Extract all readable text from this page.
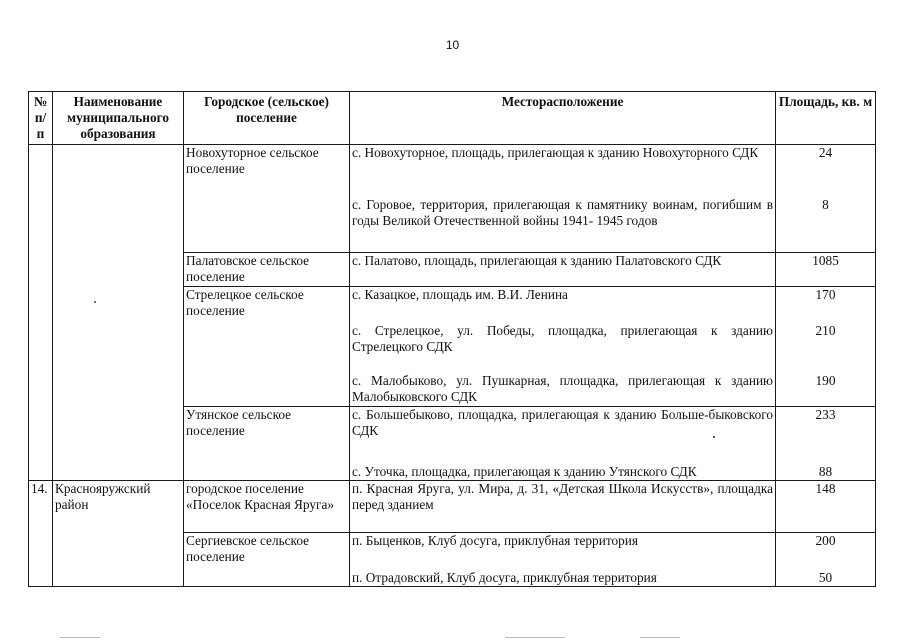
10
№ п/п	Наименование муниципального образования	Городское (сельское) поселение	Месторасположение	Площадь, кв. м
		Новохуторное сельское поселение	с. Новохуторное, площадь, прилегающая к зданию Новохуторного СДК	24
			с. Горовое, территория, прилегающая к памятнику воинам, погибшим в годы Великой Отечественной войны 1941- 1945 годов	8
		Палатовское сельское поселение	с. Палатово, площадь, прилегающая к зданию Палатовского СДК	1085
		Стрелецкое сельское поселение	с. Казацкое, площадь им. В.И. Ленина	170
			с. Стрелецкое, ул. Победы, площадка, прилегающая к зданию Стрелецкого СДК	210
			с. Малобыково, ул. Пушкарная, площадка, прилегающая к зданию Малобыковского СДК	190
		Утянское сельское поселение	с. Большебыково, площадка, прилегающая к зданию Больше-быковского СДК	233
			с. Уточка, площадка, прилегающая к зданию Утянского СДК	88
14.	Краснояружский район	городское поселение «Поселок Красная Яруга»	п. Красная Яруга, ул. Мира, д. 31, «Детская Школа Искусств», площадка перед зданием	148
		Сергиевское сельское поселение	п. Быценков, Клуб досуга, приклубная территория	200
			п. Отрадовский, Клуб досуга, приклубная территория	50
